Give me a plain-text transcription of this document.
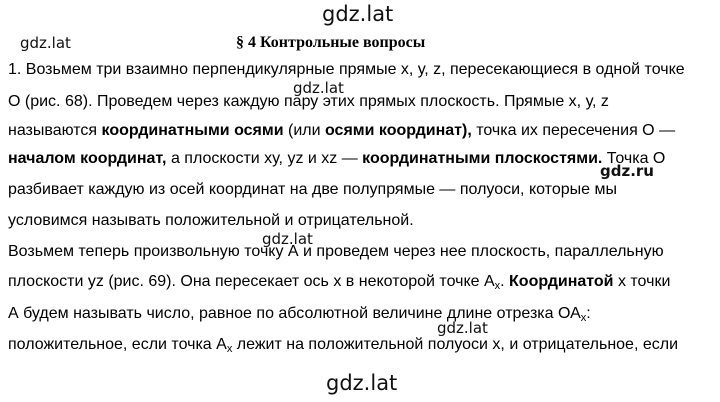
gdz.lat
gdz.lat	§ 4 Контрольные вопросы
1. Возьмем три взаимно перпендикулярные прямые х, у, z, пересекающиеся в одной точке
gdz.lat
О (рис. 68). Проведем через каждую пару этих прямых плоскость. Прямые х, у, z
называются координатными осями (или осями координат), точка их пересечения О —
началом координат, а плоскости ху, yz и xz — координатными плоскостями. Точка О
gdz.ru
разбивает каждую из осей координат на две полупрямые — полуоси, которые мы
условимся называть положительной и отрицательной.
gdz.lat
Возьмем теперь произвольную точку А и проведем через нее плоскость, параллельную
плоскости yz (рис. 69). Она пересекает ось х в некоторой точке $А_x$. Координатой х точки
А будем называть число, равное по абсолютной величине длине отрезка $ОА_x$:
gdz.lat
положительное, если точка $А_x$ лежит на положительной полуоси х, и отрицательное, если
gdz.lat
